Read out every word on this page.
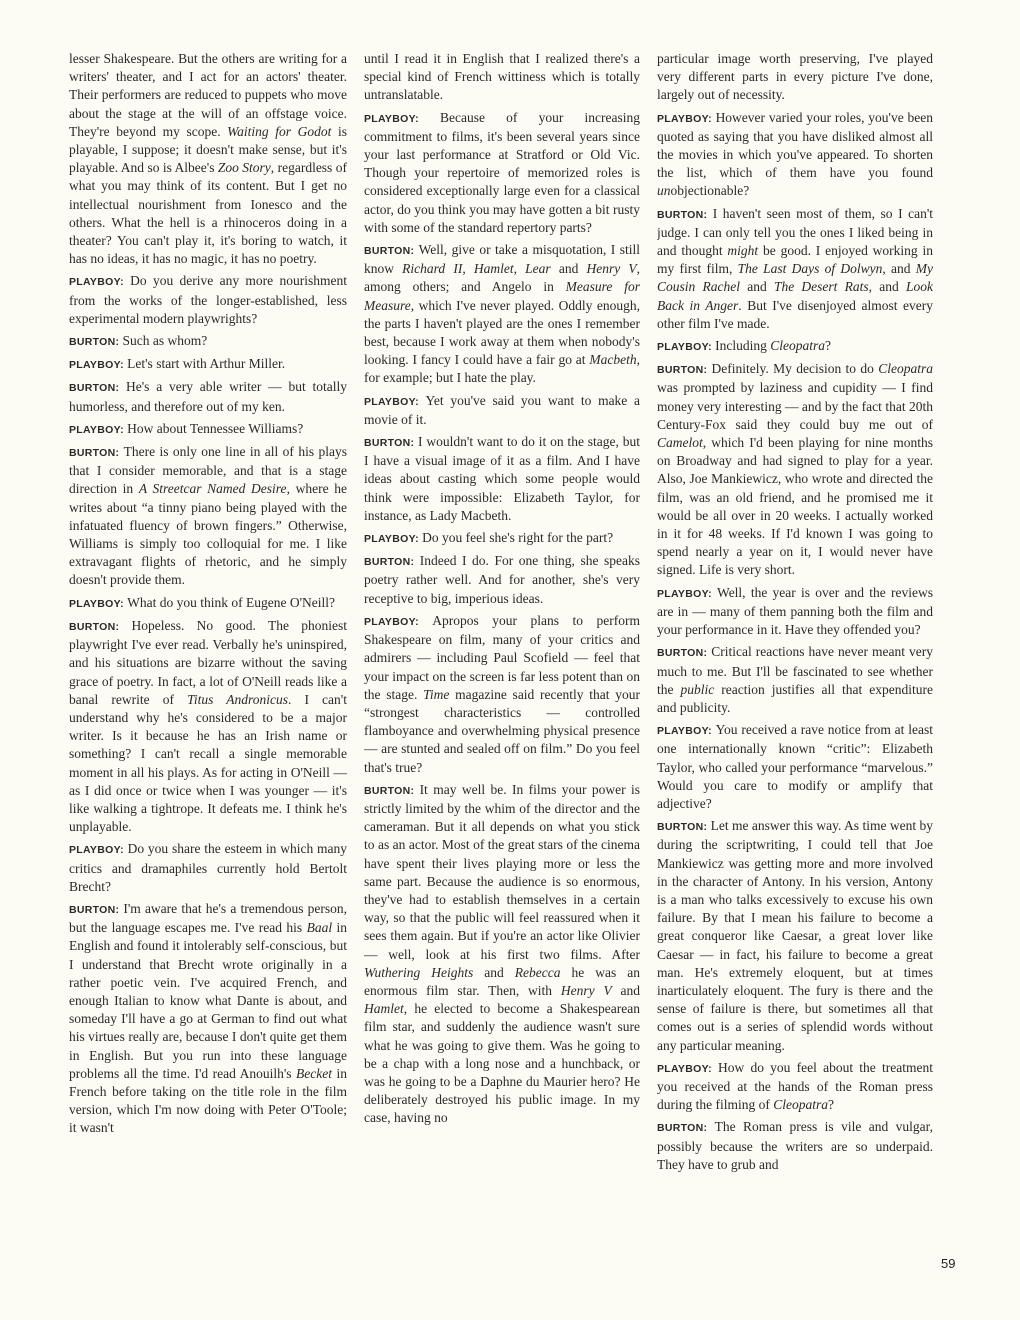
lesser Shakespeare. But the others are writing for a writers' theater, and I act for an actors' theater. Their performers are reduced to puppets who move about the stage at the will of an offstage voice. They're beyond my scope. Waiting for Godot is playable, I suppose; it doesn't make sense, but it's playable. And so is Albee's Zoo Story, regardless of what you may think of its content. But I get no intellectual nourishment from Ionesco and the others. What the hell is a rhinoceros doing in a theater? You can't play it, it's boring to watch, it has no ideas, it has no magic, it has no poetry.

PLAYBOY: Do you derive any more nourishment from the works of the longer-established, less experimental modern playwrights?

BURTON: Such as whom?

PLAYBOY: Let's start with Arthur Miller.

BURTON: He's a very able writer — but totally humorless, and therefore out of my ken.

PLAYBOY: How about Tennessee Williams?

BURTON: There is only one line in all of his plays that I consider memorable, and that is a stage direction in A Streetcar Named Desire, where he writes about “a tinny piano being played with the infatuated fluency of brown fingers.” Otherwise, Williams is simply too colloquial for me. I like extravagant flights of rhetoric, and he simply doesn't provide them.

PLAYBOY: What do you think of Eugene O'Neill?

BURTON: Hopeless. No good. The phoniest playwright I've ever read. Verbally he's uninspired, and his situations are bizarre without the saving grace of poetry. In fact, a lot of O'Neill reads like a banal rewrite of Titus Andronicus. I can't understand why he's considered to be a major writer. Is it because he has an Irish name or something? I can't recall a single memorable moment in all his plays. As for acting in O'Neill — as I did once or twice when I was younger — it's like walking a tightrope. It defeats me. I think he's unplayable.

PLAYBOY: Do you share the esteem in which many critics and dramaphiles currently hold Bertolt Brecht?

BURTON: I'm aware that he's a tremendous person, but the language escapes me. I've read his Baal in English and found it intolerably self-conscious, but I understand that Brecht wrote originally in a rather poetic vein. I've acquired French, and enough Italian to know what Dante is about, and someday I'll have a go at German to find out what his virtues really are, because I don't quite get them in English. But you run into these language problems all the time. I'd read Anouilh's Becket in French before taking on the title role in the film version, which I'm now doing with Peter O'Toole; it wasn't

until I read it in English that I realized there's a special kind of French wittiness which is totally untranslatable.

PLAYBOY: Because of your increasing commitment to films, it's been several years since your last performance at Stratford or Old Vic. Though your repertoire of memorized roles is considered exceptionally large even for a classical actor, do you think you may have gotten a bit rusty with some of the standard repertory parts?

BURTON: Well, give or take a misquotation, I still know Richard II, Hamlet, Lear and Henry V, among others; and Angelo in Measure for Measure, which I've never played. Oddly enough, the parts I haven't played are the ones I remember best, because I work away at them when nobody's looking. I fancy I could have a fair go at Macbeth, for example; but I hate the play.

PLAYBOY: Yet you've said you want to make a movie of it.

BURTON: I wouldn't want to do it on the stage, but I have a visual image of it as a film. And I have ideas about casting which some people would think were impossible: Elizabeth Taylor, for instance, as Lady Macbeth.

PLAYBOY: Do you feel she's right for the part?

BURTON: Indeed I do. For one thing, she speaks poetry rather well. And for another, she's very receptive to big, imperious ideas.

PLAYBOY: Apropos your plans to perform Shakespeare on film, many of your critics and admirers — including Paul Scofield — feel that your impact on the screen is far less potent than on the stage. Time magazine said recently that your “strongest characteristics — controlled flamboyance and overwhelming physical presence — are stunted and sealed off on film.” Do you feel that's true?

BURTON: It may well be. In films your power is strictly limited by the whim of the director and the cameraman. But it all depends on what you stick to as an actor. Most of the great stars of the cinema have spent their lives playing more or less the same part. Because the audience is so enormous, they've had to establish themselves in a certain way, so that the public will feel reassured when it sees them again. But if you're an actor like Olivier — well, look at his first two films. After Wuthering Heights and Rebecca he was an enormous film star. Then, with Henry V and Hamlet, he elected to become a Shakespearean film star, and suddenly the audience wasn't sure what he was going to give them. Was he going to be a chap with a long nose and a hunchback, or was he going to be a Daphne du Maurier hero? He deliberately destroyed his public image. In my case, having no

particular image worth preserving, I've played very different parts in every picture I've done, largely out of necessity.

PLAYBOY: However varied your roles, you've been quoted as saying that you have disliked almost all the movies in which you've appeared. To shorten the list, which of them have you found unobjectionable?

BURTON: I haven't seen most of them, so I can't judge. I can only tell you the ones I liked being in and thought might be good. I enjoyed working in my first film, The Last Days of Dolwyn, and My Cousin Rachel and The Desert Rats, and Look Back in Anger. But I've disenjoyed almost every other film I've made.

PLAYBOY: Including Cleopatra?

BURTON: Definitely. My decision to do Cleopatra was prompted by laziness and cupidity — I find money very interesting — and by the fact that 20th Century-Fox said they could buy me out of Camelot, which I'd been playing for nine months on Broadway and had signed to play for a year. Also, Joe Mankiewicz, who wrote and directed the film, was an old friend, and he promised me it would be all over in 20 weeks. I actually worked in it for 48 weeks. If I'd known I was going to spend nearly a year on it, I would never have signed. Life is very short.

PLAYBOY: Well, the year is over and the reviews are in — many of them panning both the film and your performance in it. Have they offended you?

BURTON: Critical reactions have never meant very much to me. But I'll be fascinated to see whether the public reaction justifies all that expenditure and publicity.

PLAYBOY: You received a rave notice from at least one internationally known “critic”: Elizabeth Taylor, who called your performance “marvelous.” Would you care to modify or amplify that adjective?

BURTON: Let me answer this way. As time went by during the scriptwriting, I could tell that Joe Mankiewicz was getting more and more involved in the character of Antony. In his version, Antony is a man who talks excessively to excuse his own failure. By that I mean his failure to become a great conqueror like Caesar, a great lover like Caesar — in fact, his failure to become a great man. He's extremely eloquent, but at times inarticulately eloquent. The fury is there and the sense of failure is there, but sometimes all that comes out is a series of splendid words without any particular meaning.

PLAYBOY: How do you feel about the treatment you received at the hands of the Roman press during the filming of Cleopatra?

BURTON: The Roman press is vile and vulgar, possibly because the writers are so underpaid. They have to grub and

59
